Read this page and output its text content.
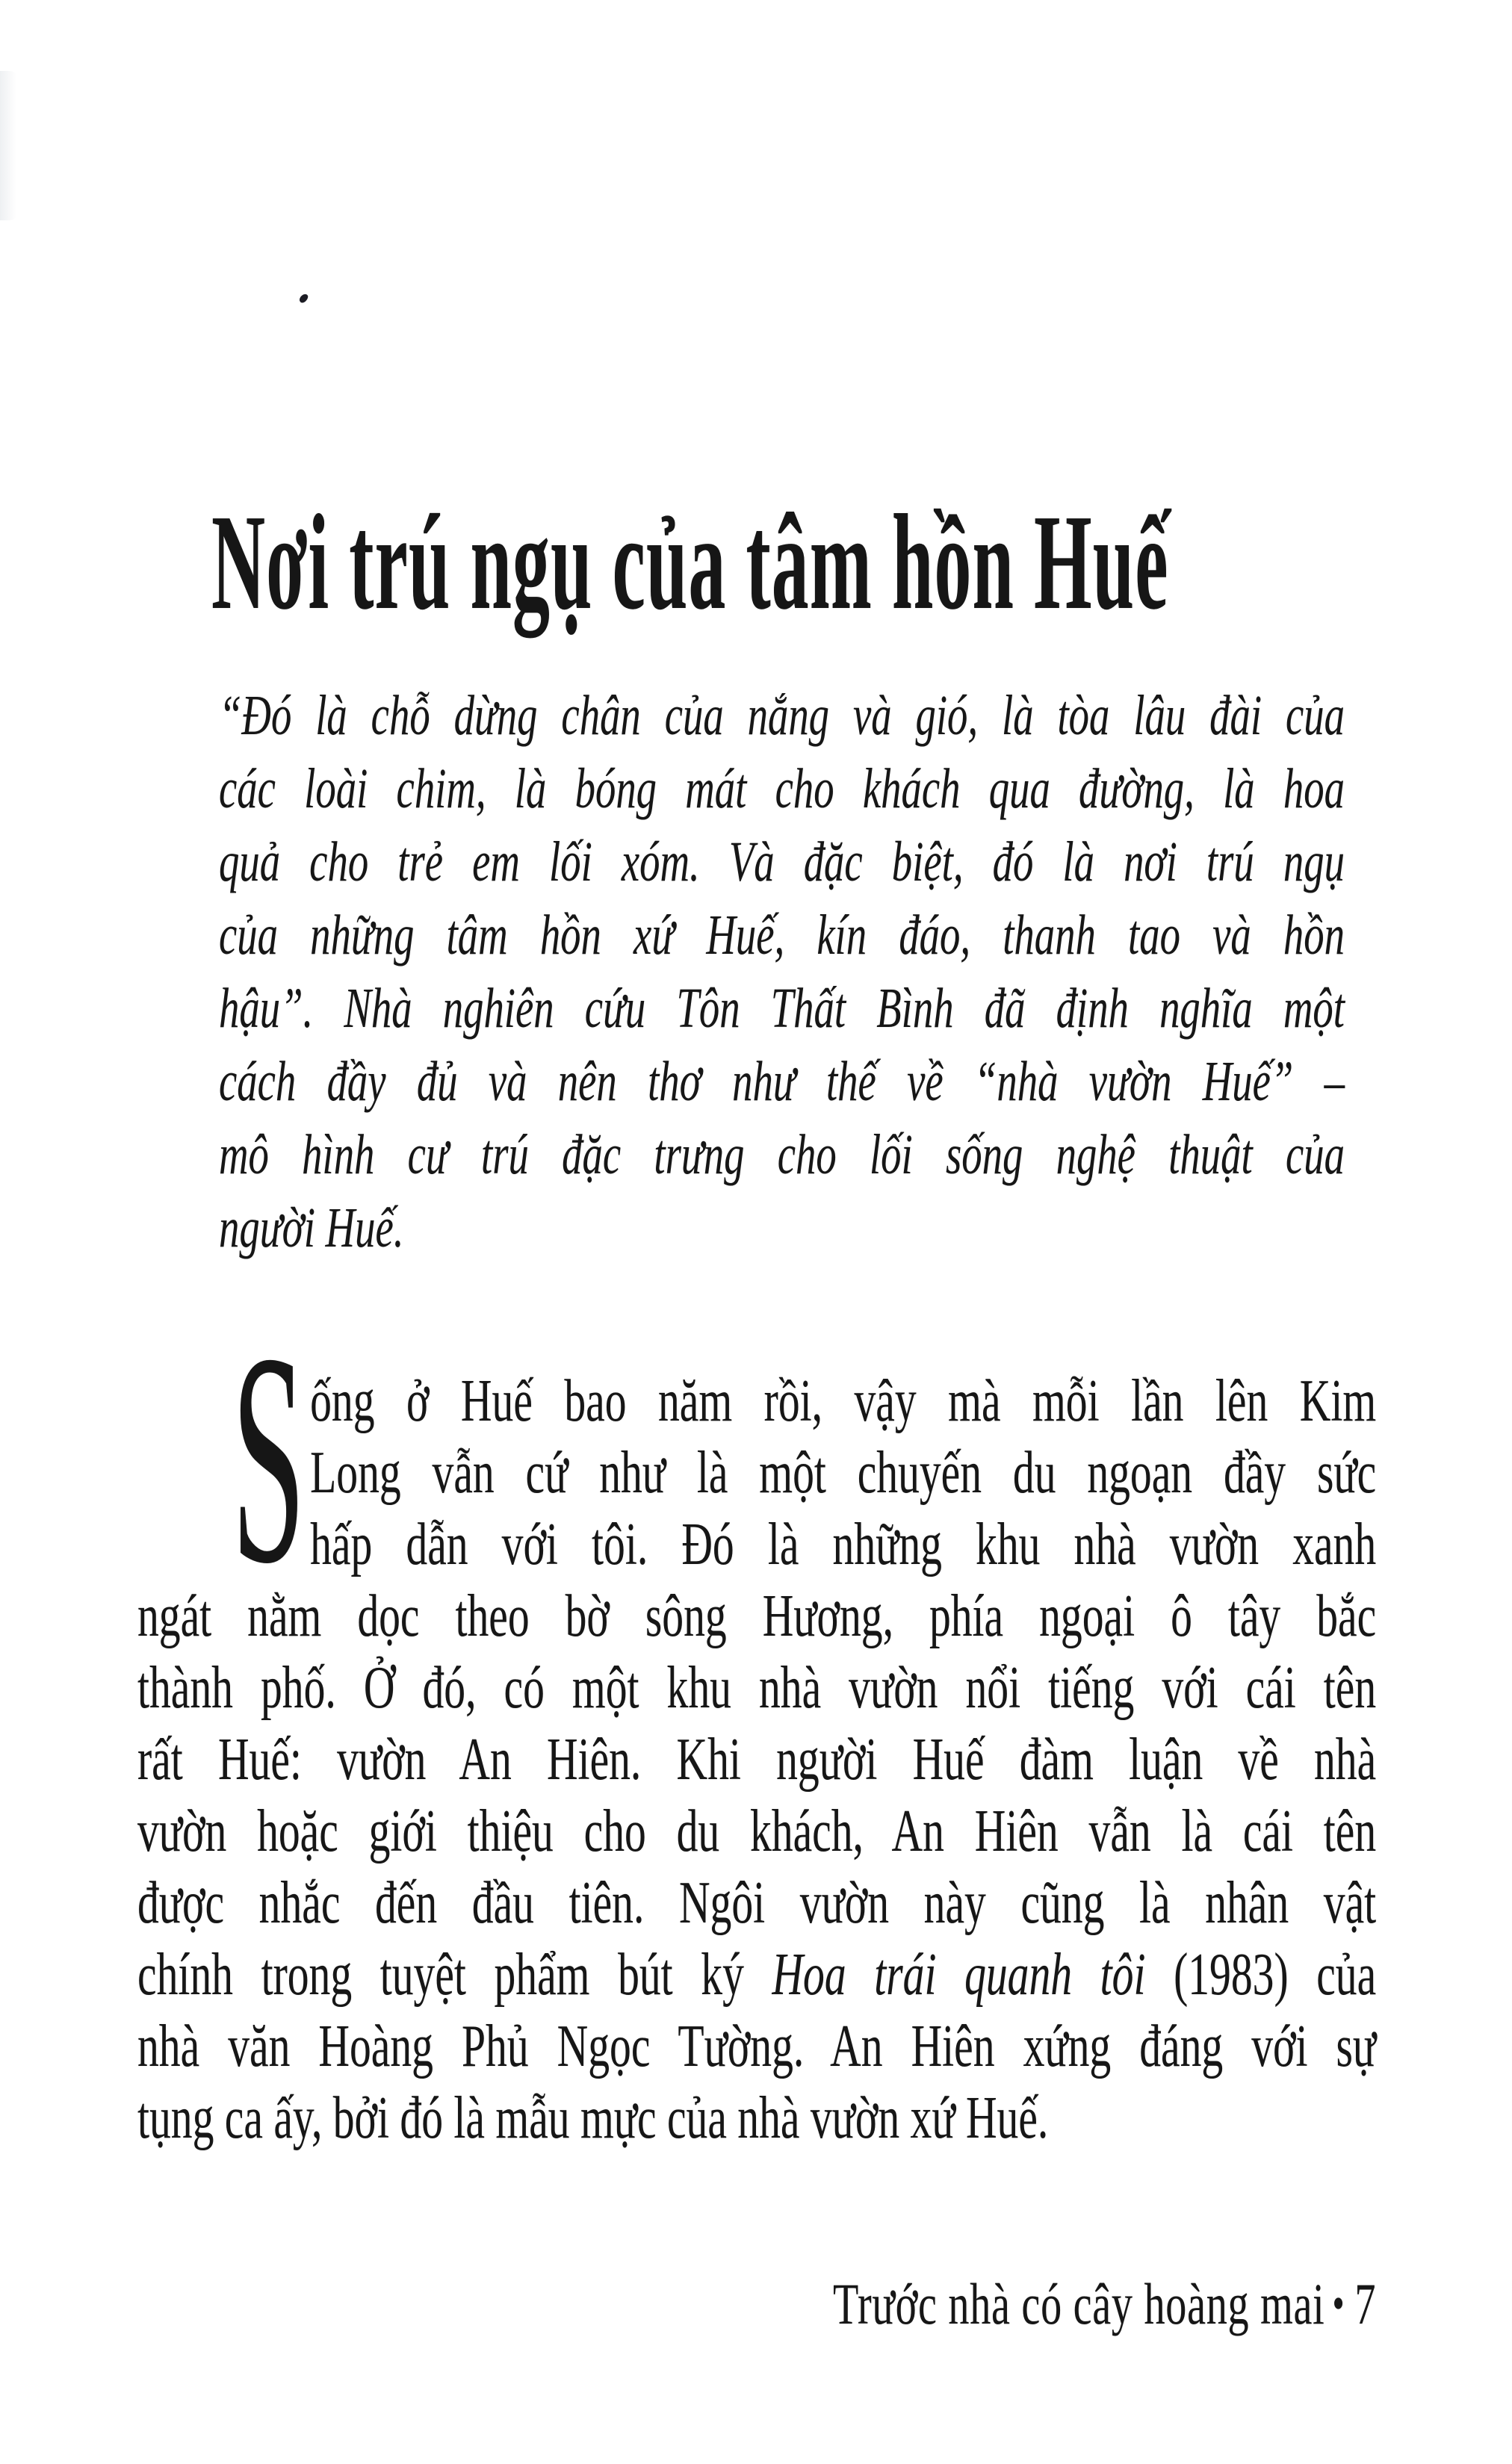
Nơi trú ngụ của tâm hồn Huế
“Đó là chỗ dừng chân của nắng và gió, là tòa lâu đài của
các loài chim, là bóng mát cho khách qua đường, là hoa
quả cho trẻ em lối xóm. Và đặc biệt, đó là nơi trú ngụ
của những tâm hồn xứ Huế, kín đáo, thanh tao và hồn
hậu”. Nhà nghiên cứu Tôn Thất Bình đã định nghĩa một
cách đầy đủ và nên thơ như thế về “nhà vườn Huế” –
mô hình cư trú đặc trưng cho lối sống nghệ thuật của
người Huế.
S ống ở Huế bao năm rồi, vậy mà mỗi lần lên Kim
Long vẫn cứ như là một chuyến du ngoạn đầy sức
hấp dẫn với tôi. Đó là những khu nhà vườn xanh
ngát nằm dọc theo bờ sông Hương, phía ngoại ô tây bắc
thành phố. Ở đó, có một khu nhà vườn nổi tiếng với cái tên
rất Huế: vườn An Hiên. Khi người Huế đàm luận về nhà
vườn hoặc giới thiệu cho du khách, An Hiên vẫn là cái tên
được nhắc đến đầu tiên. Ngôi vườn này cũng là nhân vật
chính trong tuyệt phẩm bút ký Hoa trái quanh tôi (1983) của
nhà văn Hoàng Phủ Ngọc Tường. An Hiên xứng đáng với sự
tụng ca ấy, bởi đó là mẫu mực của nhà vườn xứ Huế.
Trước nhà có cây hoàng mai • 7
